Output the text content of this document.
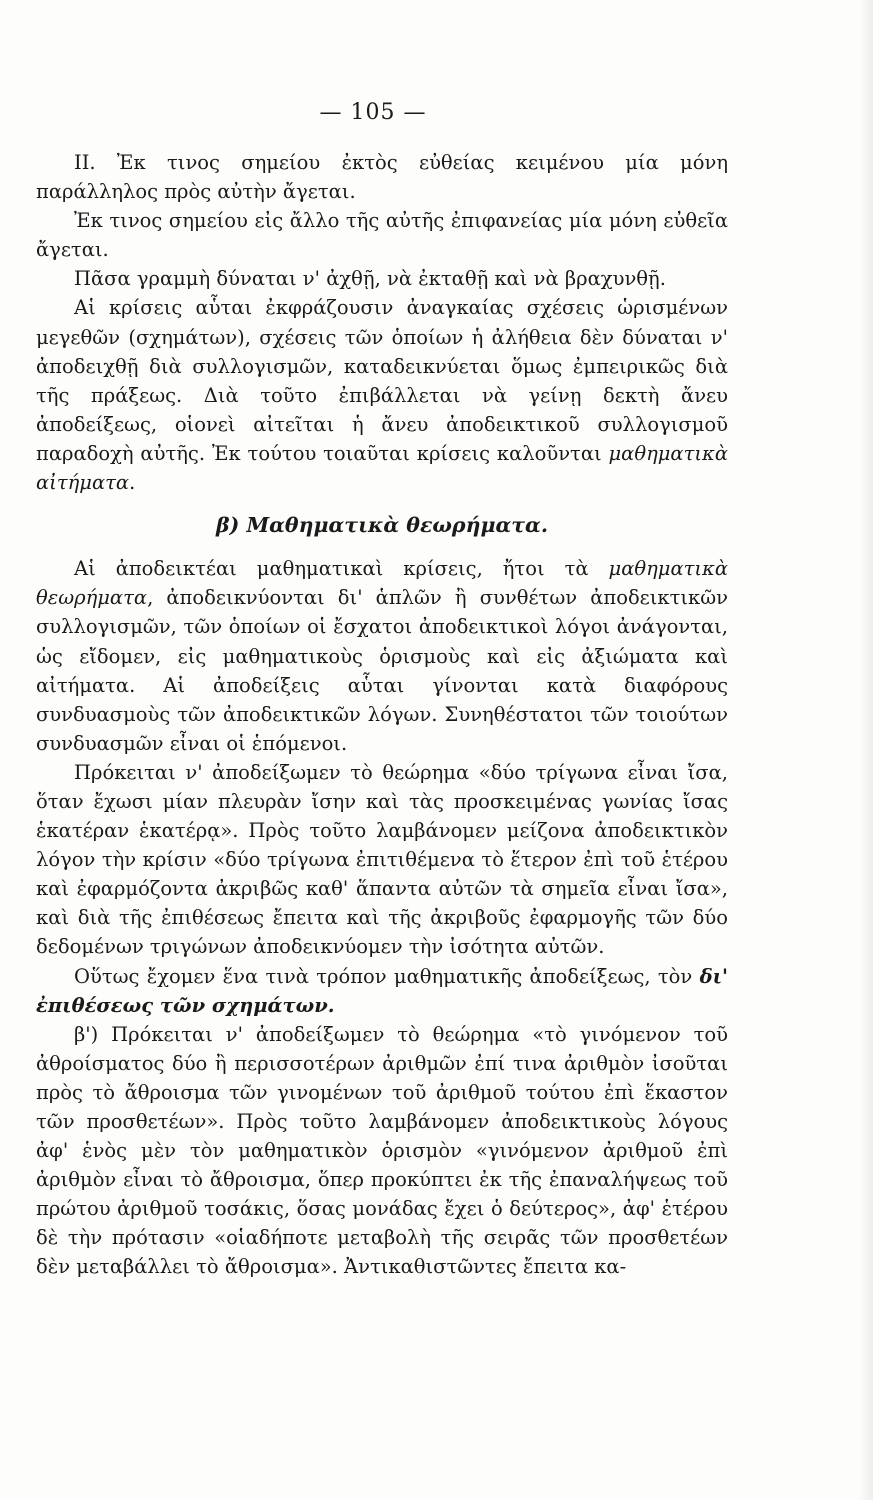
— 105 —

ΙΙ. Ἐκ τινος σημείου ἐκτὸς εὐθείας κειμένου μία μόνη παράλληλος πρὸς αὐτὴν ἄγεται.

Ἐκ τινος σημείου εἰς ἄλλο τῆς αὐτῆς ἐπιφανείας μία μόνη εὐθεῖα ἄγεται.

Πᾶσα γραμμὴ δύναται ν' ἀχθῇ, νὰ ἐκταθῇ καὶ νὰ βραχυνθῇ.

Αἱ κρίσεις αὗται ἐκφράζουσιν ἀναγκαίας σχέσεις ὡρισμένων μεγεθῶν (σχημάτων), σχέσεις τῶν ὁποίων ἡ ἀλήθεια δὲν δύναται ν' ἀποδειχθῇ διὰ συλλογισμῶν, καταδεικνύεται ὅμως ἐμπειρικῶς διὰ τῆς πράξεως. Διὰ τοῦτο ἐπιβάλλεται νὰ γείνῃ δεκτὴ ἄνευ ἀποδείξεως, οἱονεὶ αἰτεῖται ἡ ἄνευ ἀποδεικτικοῦ συλλογισμοῦ παραδοχὴ αὐτῆς. Ἐκ τούτου τοιαῦται κρίσεις καλοῦνται μαθηματικὰ αἰτήματα.

β) Μαθηματικὰ θεωρήματα.

Αἱ ἀποδεικτέαι μαθηματικαὶ κρίσεις, ἤτοι τὰ μαθηματικὰ θεωρήματα, ἀποδεικνύονται δι' ἁπλῶν ἢ συνθέτων ἀποδεικτικῶν συλλογισμῶν, τῶν ὁποίων οἱ ἔσχατοι ἀποδεικτικοὶ λόγοι ἀνάγονται, ὡς εἴδομεν, εἰς μαθηματικοὺς ὁρισμοὺς καὶ εἰς ἀξιώματα καὶ αἰτήματα. Αἱ ἀποδείξεις αὗται γίνονται κατὰ διαφόρους συνδυασμοὺς τῶν ἀποδεικτικῶν λόγων. Συνηθέστατοι τῶν τοιούτων συνδυασμῶν εἶναι οἱ ἑπόμενοι.

Πρόκειται ν' ἀποδείξωμεν τὸ θεώρημα «δύο τρίγωνα εἶναι ἴσα, ὅταν ἔχωσι μίαν πλευρὰν ἴσην καὶ τὰς προσκειμένας γωνίας ἴσας ἑκατέραν ἑκατέρᾳ». Πρὸς τοῦτο λαμβάνομεν μείζονα ἀποδεικτικὸν λόγον τὴν κρίσιν «δύο τρίγωνα ἐπιτιθέμενα τὸ ἕτερον ἐπὶ τοῦ ἑτέρου καὶ ἐφαρμόζοντα ἀκριβῶς καθ' ἅπαντα αὐτῶν τὰ σημεῖα εἶναι ἴσα», καὶ διὰ τῆς ἐπιθέσεως ἔπειτα καὶ τῆς ἀκριβοῦς ἐφαρμογῆς τῶν δύο δεδομένων τριγώνων ἀποδεικνύομεν τὴν ἰσότητα αὐτῶν.

Οὕτως ἔχομεν ἕνα τινὰ τρόπον μαθηματικῆς ἀποδείξεως, τὸν δι' ἐπιθέσεως τῶν σχημάτων.

β') Πρόκειται ν' ἀποδείξωμεν τὸ θεώρημα «τὸ γινόμενον τοῦ ἀθροίσματος δύο ἢ περισσοτέρων ἀριθμῶν ἐπί τινα ἀριθμὸν ἰσοῦται πρὸς τὸ ἄθροισμα τῶν γινομένων τοῦ ἀριθμοῦ τούτου ἐπὶ ἕκαστον τῶν προσθετέων». Πρὸς τοῦτο λαμβάνομεν ἀποδεικτικοὺς λόγους ἀφ' ἑνὸς μὲν τὸν μαθηματικὸν ὁρισμὸν «γινόμενον ἀριθμοῦ ἐπὶ ἀριθμὸν εἶναι τὸ ἄθροισμα, ὅπερ προκύπτει ἐκ τῆς ἐπαναλήψεως τοῦ πρώτου ἀριθμοῦ τοσάκις, ὅσας μονάδας ἔχει ὁ δεύτερος», ἀφ' ἑτέρου δὲ τὴν πρότασιν «οἱαδήποτε μεταβολὴ τῆς σειρᾶς τῶν προσθετέων δὲν μεταβάλλει τὸ ἄθροισμα». Ἀντικαθιστῶντες ἔπειτα κα-
